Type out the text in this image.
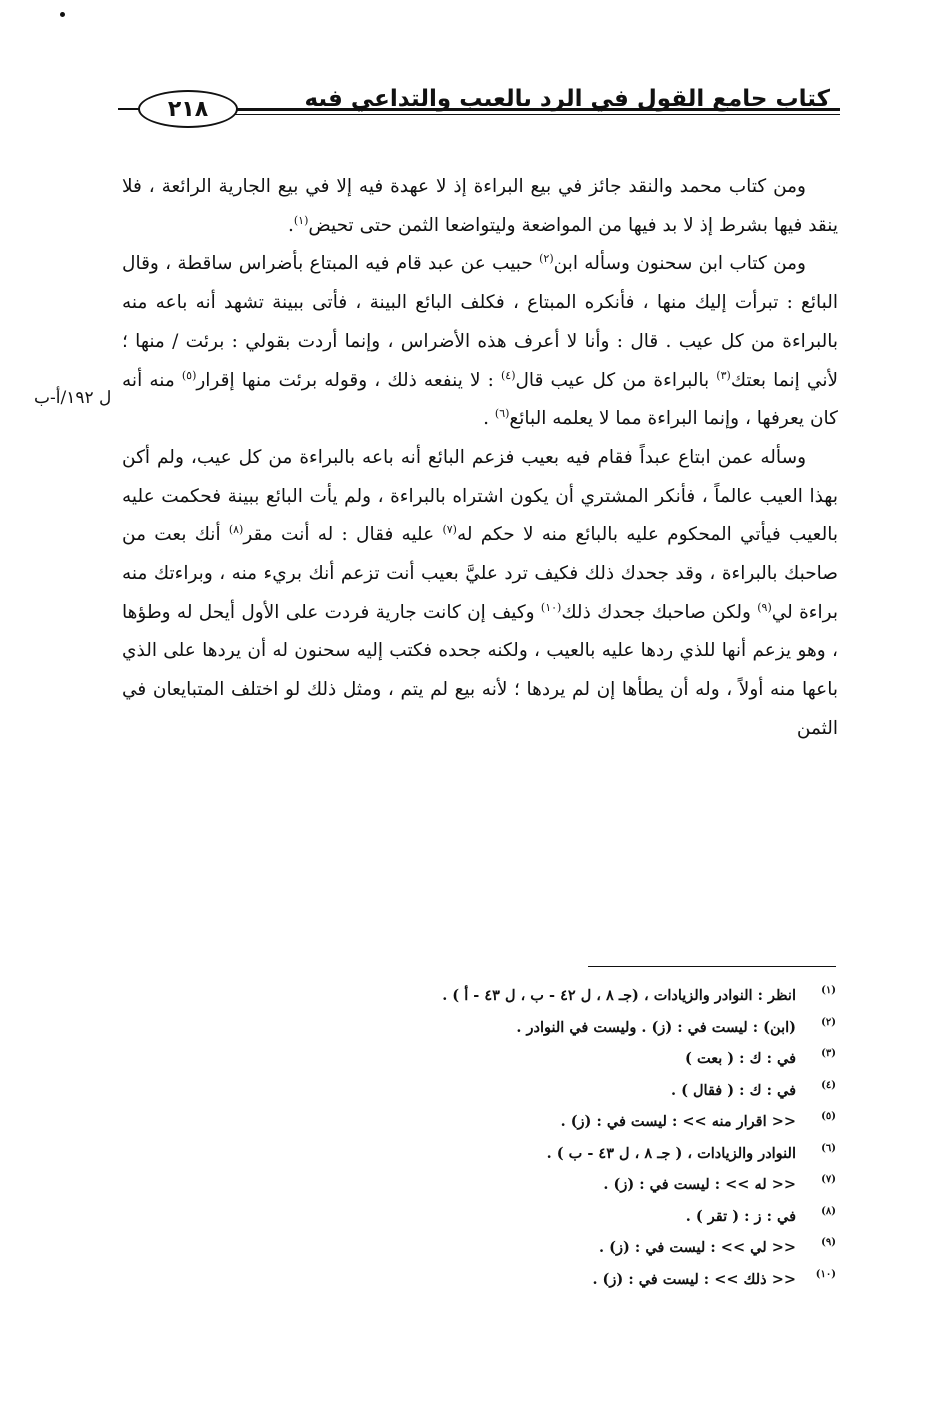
كتاب جامع القول في الرد بالعيب والتداعي فيه
٢١٨

ومن كتاب محمد والنقد جائز في بيع البراءة إذ لا عهدة فيه إلا في بيع الجارية الرائعة ، فلا ينقد فيها بشرط إذ لا بد فيها من المواضعة وليتواضعا الثمن حتى تحيض$^{(١)}$.

ومن كتاب ابن سحنون وسأله ابن$^{(٢)}$ حبيب عن عبد قام فيه المبتاع بأضراس ساقطة ، وقال البائع : تبرأت إليك منها ، فأنكره المبتاع ، فكلف البائع البينة ، فأتى ببينة تشهد أنه باعه منه بالبراءة من كل عيب . قال : وأنا لا أعرف هذه الأضراس ، وإنما أردت بقولي : برئت / منها ؛ لأني إنما بعتك$^{(٣)}$ بالبراءة من كل عيب قال$^{(٤)}$ : لا ينفعه ذلك ، وقوله برئت منها إقرار$^{(٥)}$ منه أنه كان يعرفها ، وإنما البراءة مما لا يعلمه البائع$^{(٦)}$ .

وسأله عمن ابتاع عبداً فقام فيه بعيب فزعم البائع أنه باعه بالبراءة من كل عيب، ولم أكن بهذا العيب عالماً ، فأنكر المشتري أن يكون اشتراه بالبراءة ، ولم يأت البائع ببينة فحكمت عليه بالعيب فيأتي المحكوم عليه بالبائع منه لا حكم له$^{(٧)}$ عليه فقال : له أنت مقر$^{(٨)}$ أنك بعت من صاحبك بالبراءة ، وقد جحدك ذلك فكيف ترد عليَّ بعيب أنت تزعم أنك بريء منه ، وبراءتك منه براءة لي$^{(٩)}$ ولكن صاحبك جحدك ذلك$^{(١٠)}$ وكيف إن كانت جارية فردت على الأول أيحل له وطؤها ، وهو يزعم أنها للذي ردها عليه بالعيب ، ولكنه جحده فكتب إليه سحنون له أن يردها على الذي باعها منه أولاً ، وله أن يطأها إن لم يردها ؛ لأنه بيع لم يتم ، ومثل ذلك لو اختلف المتبايعان في الثمن

ل ١٩٢/أ-ب
(١)انظر : النوادر والزيادات ، (جـ ٨ ، ل ٤٢ - ب ، ل ٤٣ - أ ) .
(٢)(ابن) : ليست في : (ز) . وليست في النوادر .
(٣)في : ك : ( بعت )
(٤)في : ك : ( فقال ) .
(٥)<< اقرار منه >> : ليست في : (ز) .
(٦)النوادر والزيادات ، ( جـ ٨ ، ل ٤٣ - ب ) .
(٧)<< له >> : ليست في : (ز) .
(٨)في : ز : ( تقر ) .
(٩)<< لي >> : ليست في : (ز) .
(١٠)<< ذلك >> : ليست في : (ز) .
